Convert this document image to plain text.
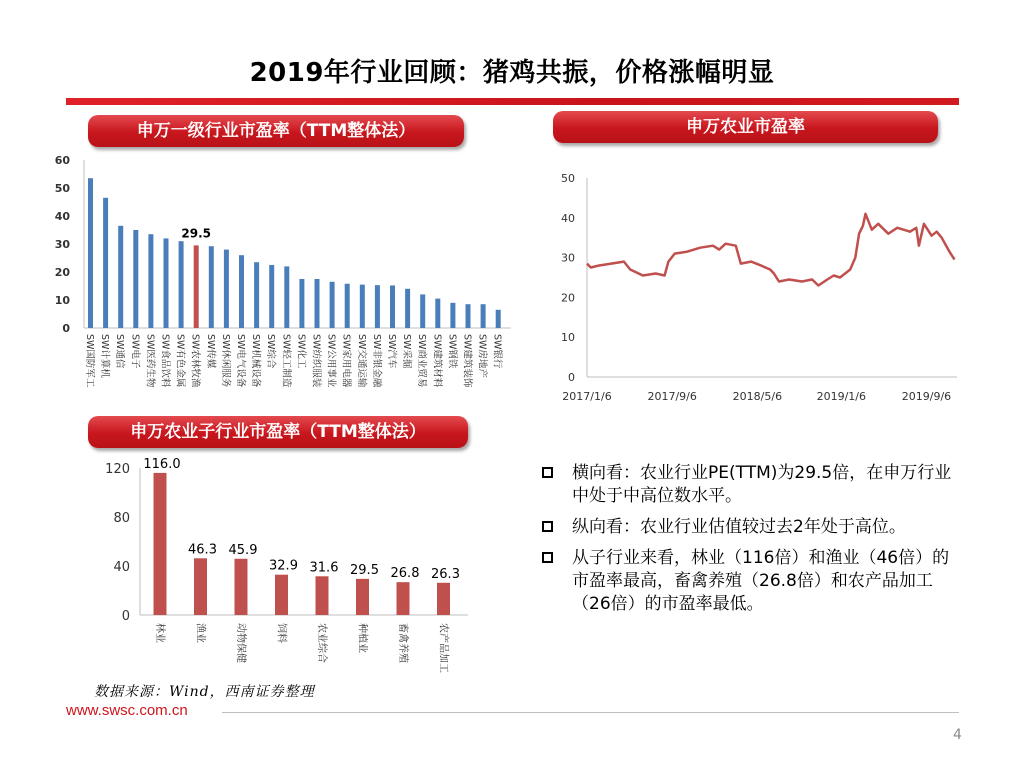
2019年行业回顾：猪鸡共振，价格涨幅明显
申万一级行业市盈率（TTM整体法）	申万农业市盈率
申万农业子行业市盈率（TTM整体法）
0
10
20
30
40
50
60
SW国防军工 SW计算机 SW通信 SW电子 SW医药生物 SW食品饮料 SW有色金属 SW农林牧渔
29.5
SW传媒 SW休闲服务 SW电气设备 SW机械设备 SW综合 SW轻工制造 SW化工 SW纺织服装 SW公用事业 SW家用电器 SW交通运输 SW非银金融 SW汽车 SW采掘 SW商业贸易 SW建筑材料 SW钢铁 SW建筑装饰 SW房地产 SW银行
0
10
20
30
40
50
2017/1/6	2017/9/6	2018/5/6	2019/1/6	2019/9/6
0
40
80
120 116.0
林业
46.3
渔业
45.9
动物保健
32.9
饲料
31.6
农业综合
29.5
种植业
26.8
畜禽养殖
26.3
农产品加工
横向看：农业行业PE(TTM)为29.5倍，在申万行业中处于中高位数水平。
纵向看：农业行业估值较过去2年处于高位。
从子行业来看，林业（116倍）和渔业（46倍）的市盈率最高，畜禽养殖（26.8倍）和农产品加工（26倍）的市盈率最低。
数据来源：Wind，西南证券整理
www.swsc.com.cn
4
